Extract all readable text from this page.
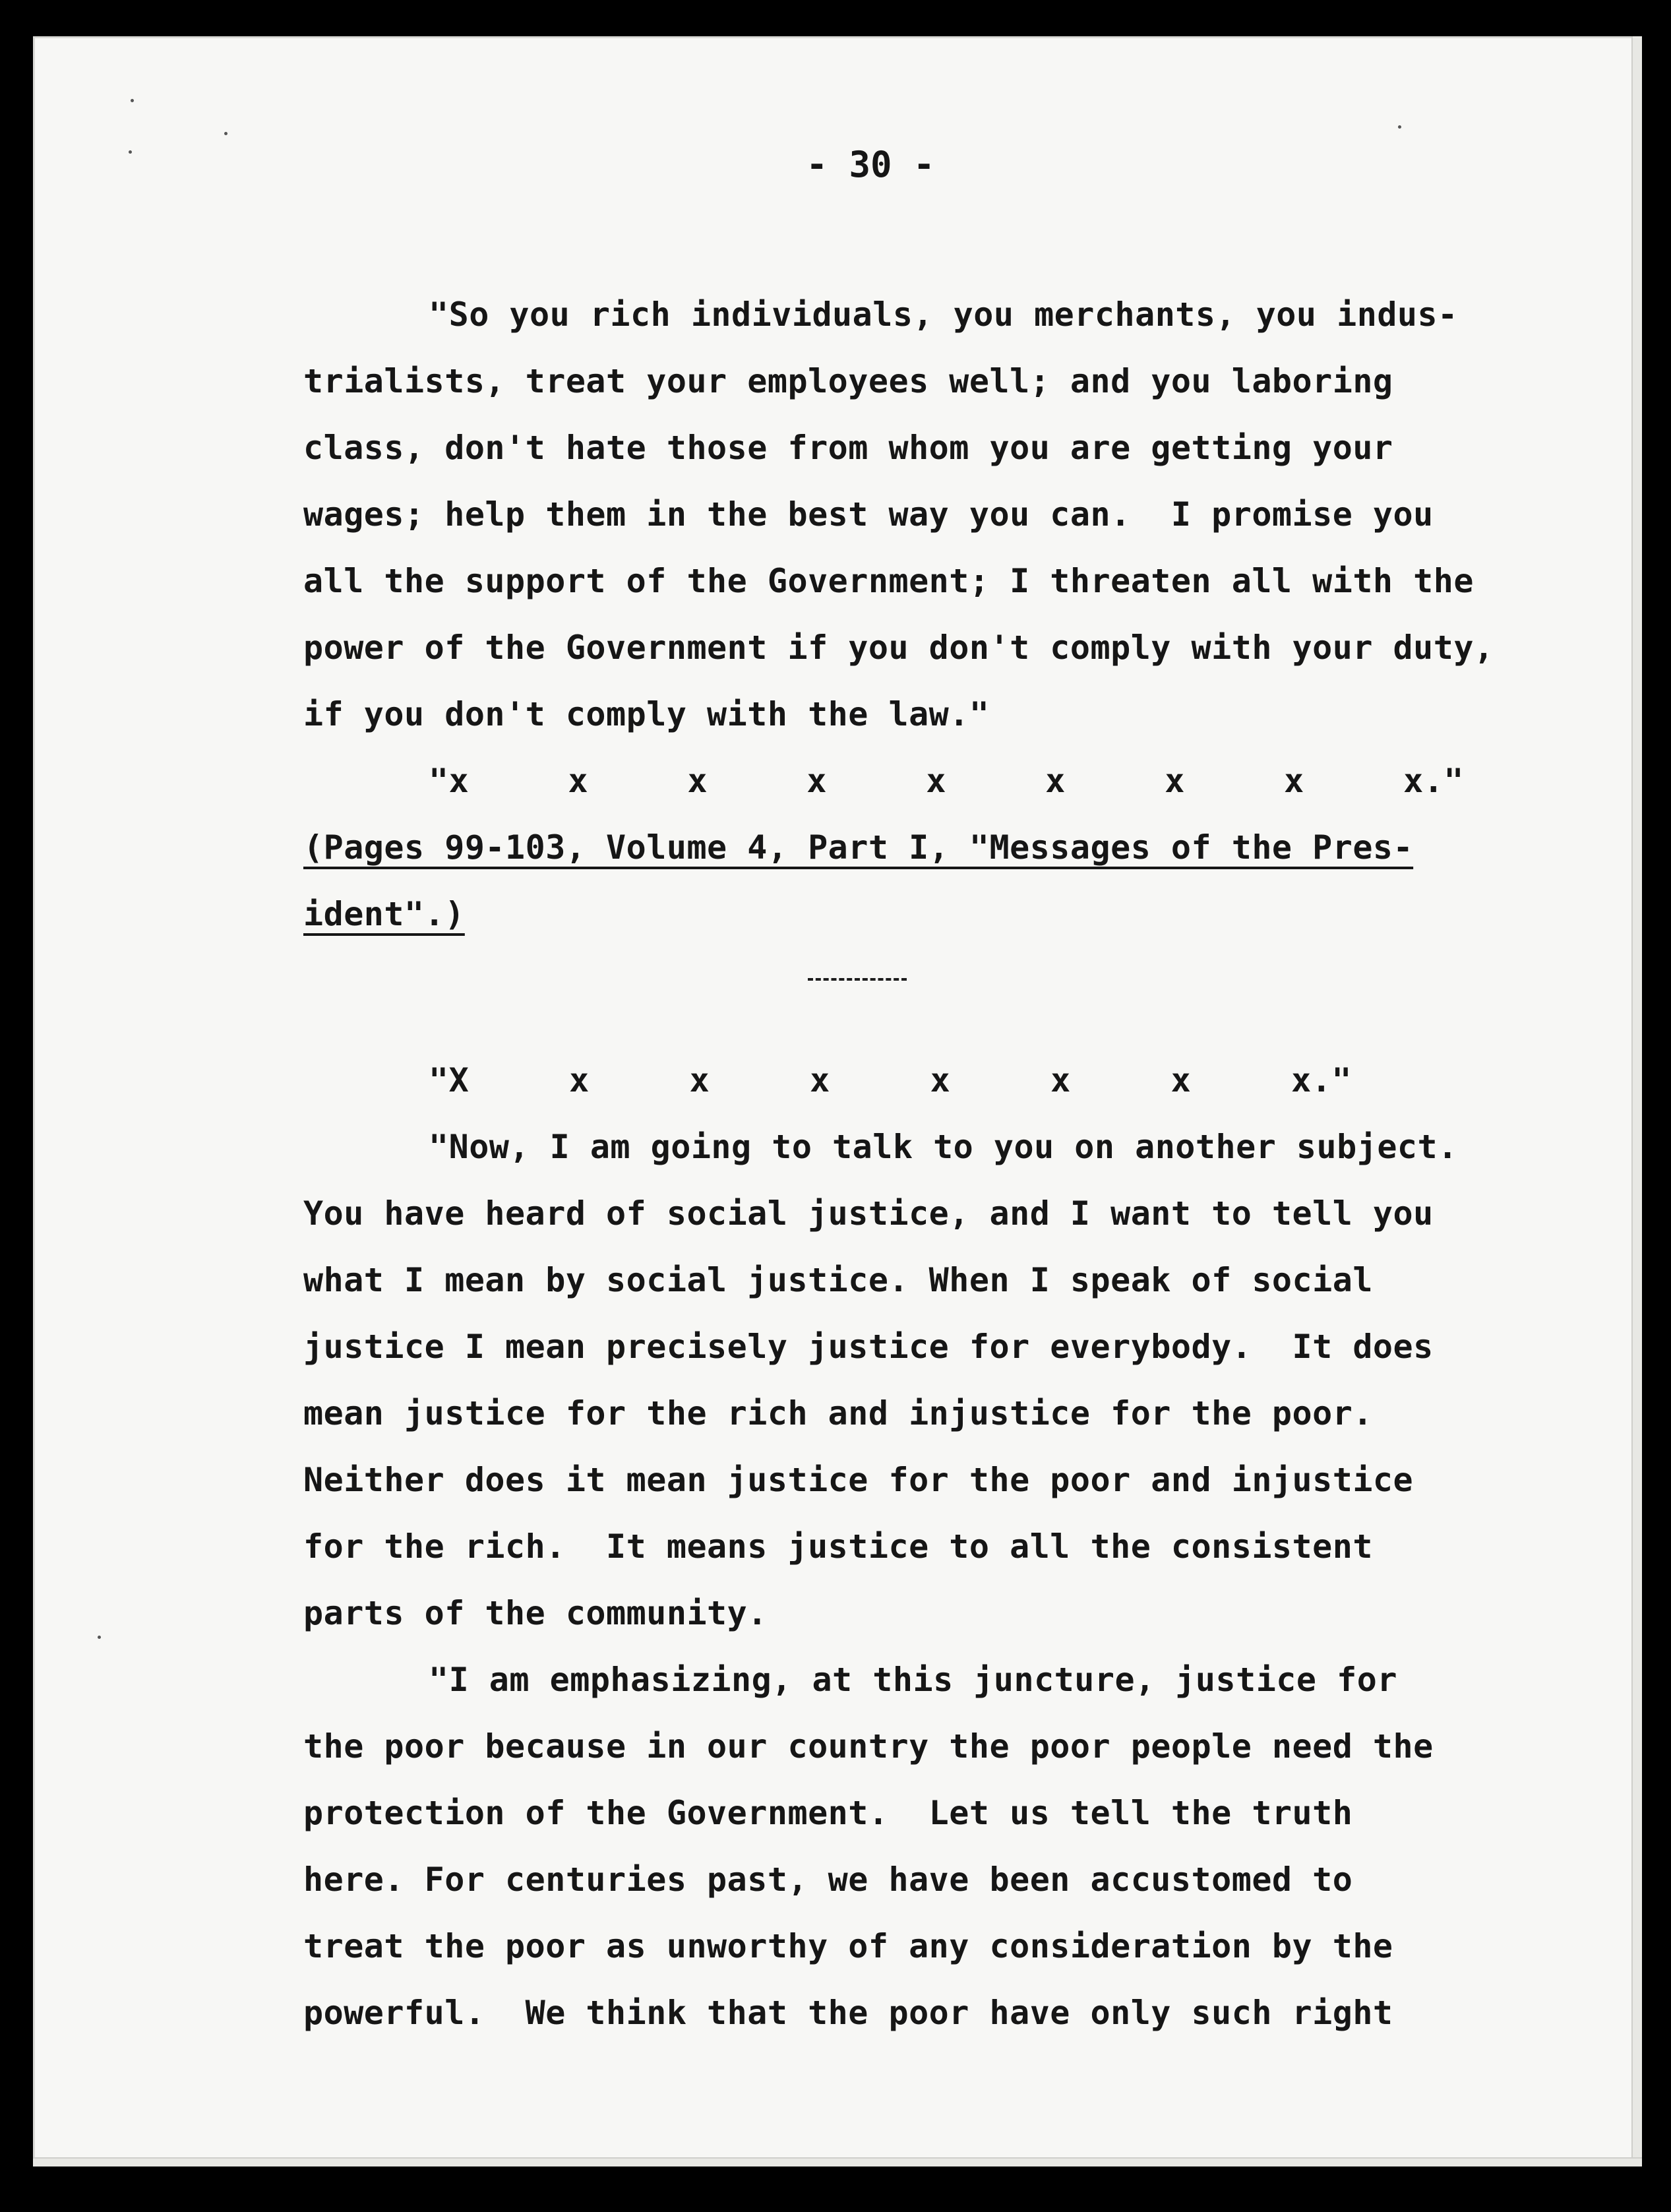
- 30 -

"So you rich individuals, you merchants, you indus-

trialists, treat your employees well; and you laboring

class, don't hate those from whom you are getting your

wages; help them in the best way you can.  I promise you

all the support of the Government; I threaten all with the

power of the Government if you don't comply with your duty,

if you don't comply with the law."

"x	x	x	x	x	x	x	x	x."

(Pages 99-103, Volume 4, Part I, "Messages of the Pres-

ident".)

"X	x	x	x	x	x	x	x."

"Now, I am going to talk to you on another subject.

You have heard of social justice, and I want to tell you

what I mean by social justice. When I speak of social

justice I mean precisely justice for everybody.  It does

mean justice for the rich and injustice for the poor.

Neither does it mean justice for the poor and injustice

for the rich.  It means justice to all the consistent

parts of the community.

"I am emphasizing, at this juncture, justice for

the poor because in our country the poor people need the

protection of the Government.  Let us tell the truth

here. For centuries past, we have been accustomed to

treat the poor as unworthy of any consideration by the

powerful.  We think that the poor have only such right
